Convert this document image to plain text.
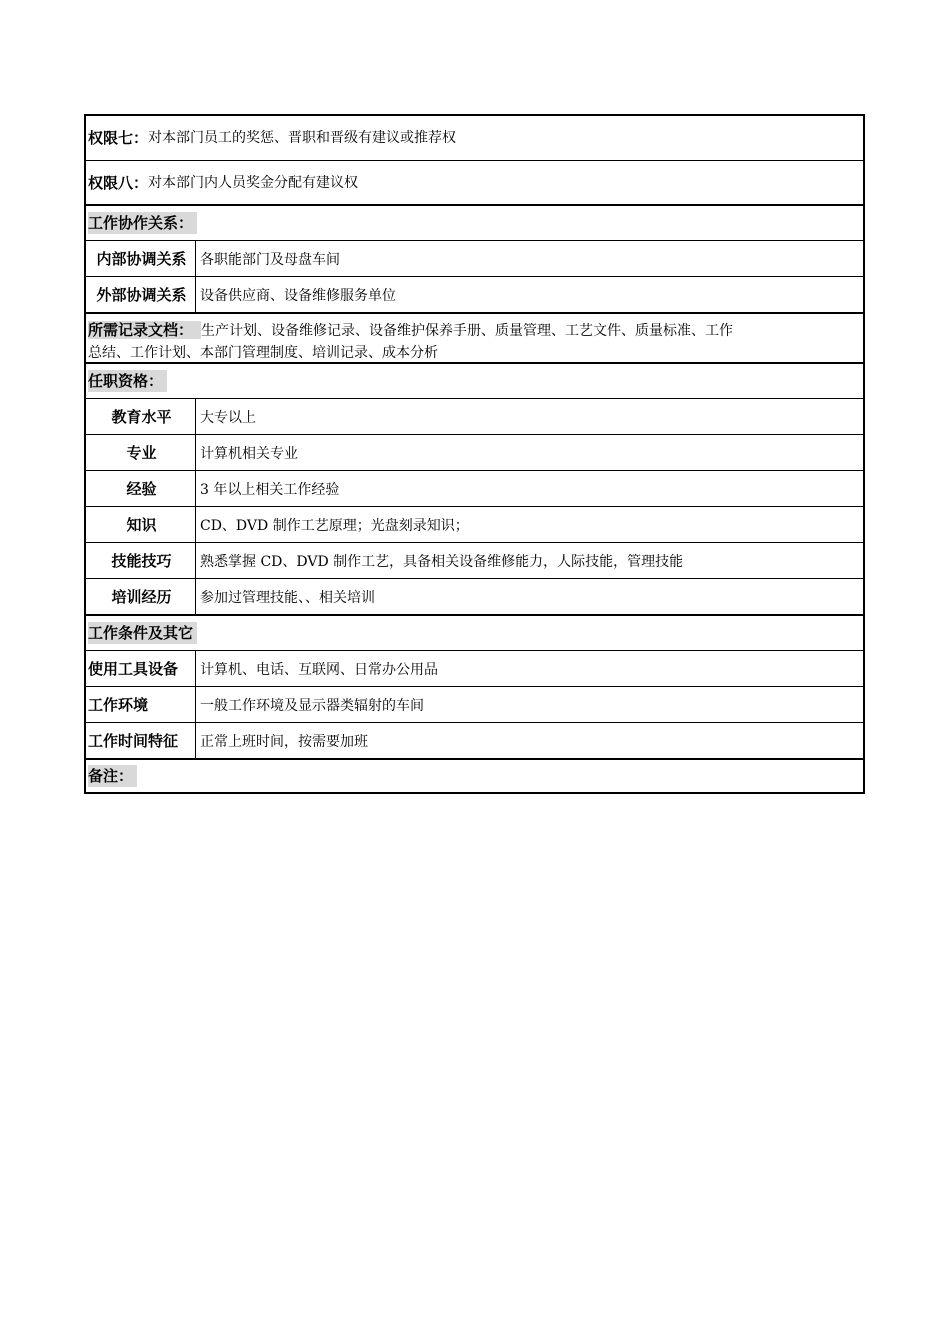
权限七： 对本部门员工的奖惩、晋职和晋级有建议或推荐权
权限八： 对本部门内人员奖金分配有建议权
工作协作关系：
内部协调关系 各职能部门及母盘车间
外部协调关系 设备供应商、设备维修服务单位
所需记录文档： 生产计划、设备维修记录、设备维护保养手册、质量管理、工艺文件、质量标准、工作
总结、工作计划、本部门管理制度、培训记录、成本分析
任职资格：
教育水平	大专以上
专业	计算机相关专业
经验	3 年以上相关工作经验
知识	CD、DVD 制作工艺原理；光盘刻录知识；
技能技巧	熟悉掌握 CD、DVD 制作工艺，具备相关设备维修能力，人际技能，管理技能
培训经历	参加过管理技能、、相关培训
工作条件及其它
使用工具设备	计算机、电话、互联网、日常办公用品
工作环境	一般工作环境及显示器类辐射的车间
工作时间特征	正常上班时间，按需要加班
备注：
